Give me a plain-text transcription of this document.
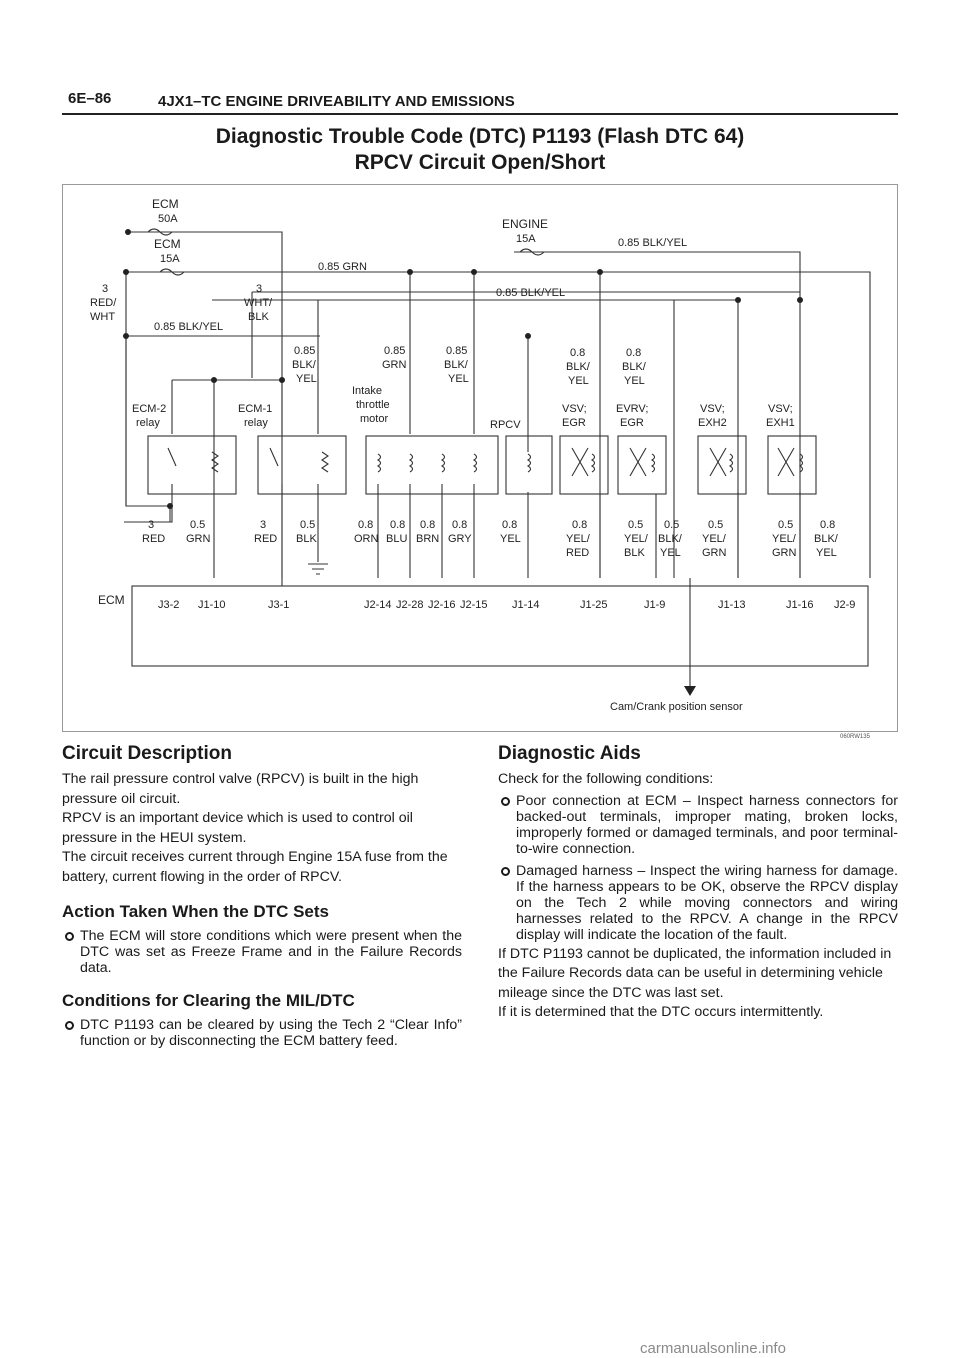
6E–86	4JX1–TC ENGINE DRIVEABILITY AND EMISSIONS
Diagnostic Trouble Code (DTC) P1193 (Flash DTC 64)
RPCV Circuit Open/Short
ECM
50A
ECM
15A
ENGINE
15A
0.85 GRN
0.85 BLK/YEL
0.85 BLK/YEL
0.85 BLK/YEL
3
RED/
WHT
3
WHT/
BLK
0.85
BLK/
YEL
0.85
GRN
0.85
BLK/
YEL
0.8
BLK/
YEL
0.8
BLK/
YEL
ECM-2
relay
ECM-1
relay
Intake
throttle
motor	RPCV
VSV;
EGR
EVRV;
EGR
VSV;
EXH2
VSV;
EXH1
3
RED
0.5
GRN
3
RED
0.5
BLK
0.8
ORN
0.8
BLU
0.8
BRN
0.8
GRY
0.8
YEL
0.8
YEL/
RED
0.5
YEL/
BLK
0.5
BLK/
YEL
0.5
YEL/
GRN
0.5
YEL/
GRN
0.8
BLK/
YEL
ECM	J3-2 J1-10	J3-1	J2-14 J2-28 J2-16 J2-15 J1-14	J1-25	J1-9	J1-13	J1-16 J2-9
Cam/Crank position sensor
060RW135
Circuit Description

The rail pressure control valve (RPCV) is built in the high pressure oil circuit.

RPCV is an important device which is used to control oil pressure in the HEUI system.

The circuit receives current through Engine 15A fuse from the battery, current flowing in the order of RPCV.

Action Taken When the DTC Sets
The ECM will store conditions which were present when the DTC was set as Freeze Frame and in the Failure Records data.
Conditions for Clearing the MIL/DTC
DTC P1193 can be cleared by using the Tech 2 “Clear Info” function or by disconnecting the ECM battery feed.
Diagnostic Aids

Check for the following conditions:

Poor connection at ECM – Inspect harness connectors for backed-out terminals, improper mating, broken locks, improperly formed or damaged terminals, and poor terminal-to-wire connection.
Damaged harness – Inspect the wiring harness for damage. If the harness appears to be OK, observe the RPCV display on the Tech 2 while moving connectors and wiring harnesses related to the RPCV. A change in the RPCV display will indicate the location of the fault.

If DTC P1193 cannot be duplicated, the information included in the Failure Records data can be useful in determining vehicle mileage since the DTC was last set.

If it is determined that the DTC occurs intermittently.

carmanualsonline.info
